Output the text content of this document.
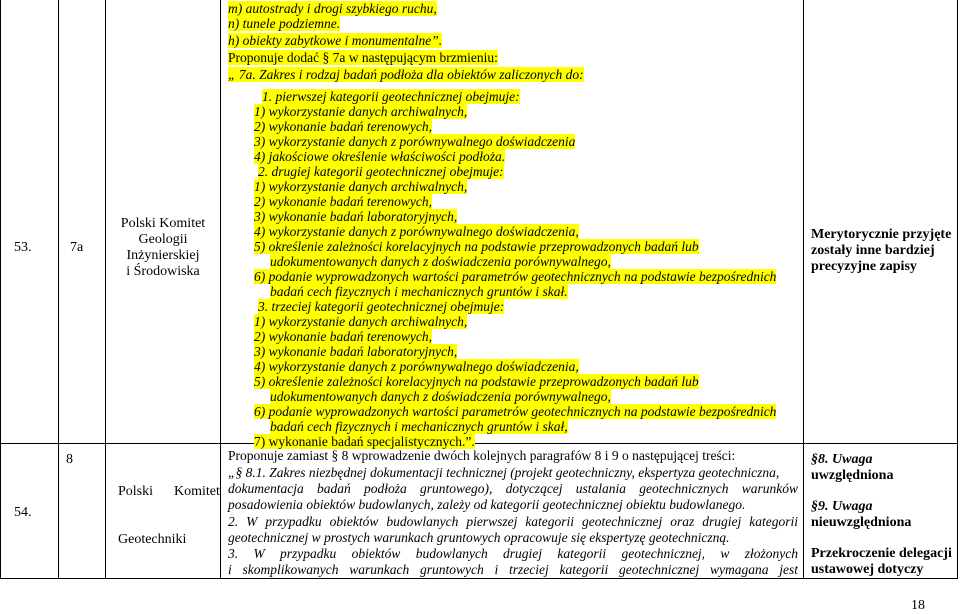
53.	7a
Polski Komitet
Geologii
Inżynierskiej
i Środowiska
m) autostrady i drogi szybkiego ruchu,
n) tunele podziemne.
h) obiekty zabytkowe i monumentalne”.
Proponuje dodać § 7a w następującym brzmieniu:
„ 7a. Zakres i rodzaj badań podłoża dla obiektów zaliczonych do:
1. pierwszej kategorii geotechnicznej obejmuje:
1) wykorzystanie danych archiwalnych,
2) wykonanie badań terenowych,
3) wykorzystanie danych z porównywalnego doświadczenia
4) jakościowe określenie właściwości podłoża.
2. drugiej kategorii geotechnicznej obejmuje:
1) wykorzystanie danych archiwalnych,
2) wykonanie badań terenowych,
3) wykonanie badań laboratoryjnych,
4) wykorzystanie danych z porównywalnego doświadczenia,
5) określenie zależności korelacyjnych na podstawie przeprowadzonych badań lub
udokumentowanych danych z doświadczenia porównywalnego,
6) podanie wyprowadzonych wartości parametrów geotechnicznych na podstawie bezpośrednich
badań cech fizycznych i mechanicznych gruntów i skał.
3. trzeciej kategorii geotechnicznej obejmuje:
1) wykorzystanie danych archiwalnych,
2) wykonanie badań terenowych,
3) wykonanie badań laboratoryjnych,
4) wykorzystanie danych z porównywalnego doświadczenia,
5) określenie zależności korelacyjnych na podstawie przeprowadzonych badań lub
udokumentowanych danych z doświadczenia porównywalnego,
6) podanie wyprowadzonych wartości parametrów geotechnicznych na podstawie bezpośrednich
badań cech fizycznych i mechanicznych gruntów i skał,
7) wykonanie badań specjalistycznych.”.
Merytorycznie przyjęte
zostały inne bardziej
precyzyjne zapisy
54.
8

Polski      Komitet

Geotechniki

Proponuje zamiast § 8 wprowadzenie dwóch kolejnych paragrafów 8 i 9 o następującej treści:
„§ 8.1. Zakres niezbędnej dokumentacji technicznej (projekt geotechniczny, ekspertyza geotechniczna,
dokumentacja badań podłoża gruntowego), dotyczącej ustalania geotechnicznych warunków
posadowienia obiektów budowlanych, zależy od kategorii geotechnicznej obiektu budowlanego.
2. W przypadku obiektów budowlanych pierwszej kategorii geotechnicznej oraz drugiej kategorii
geotechnicznej w prostych warunkach gruntowych opracowuje się ekspertyzę geotechniczną.
3. W przypadku obiektów budowlanych drugiej kategorii geotechnicznej, w złożonych
i skomplikowanych warunkach gruntowych i trzeciej kategorii geotechnicznej wymagana jest
§8. Uwaga
uwzględniona
§9. Uwaga
nieuwzględniona
Przekroczenie delegacji
ustawowej dotyczy
18
